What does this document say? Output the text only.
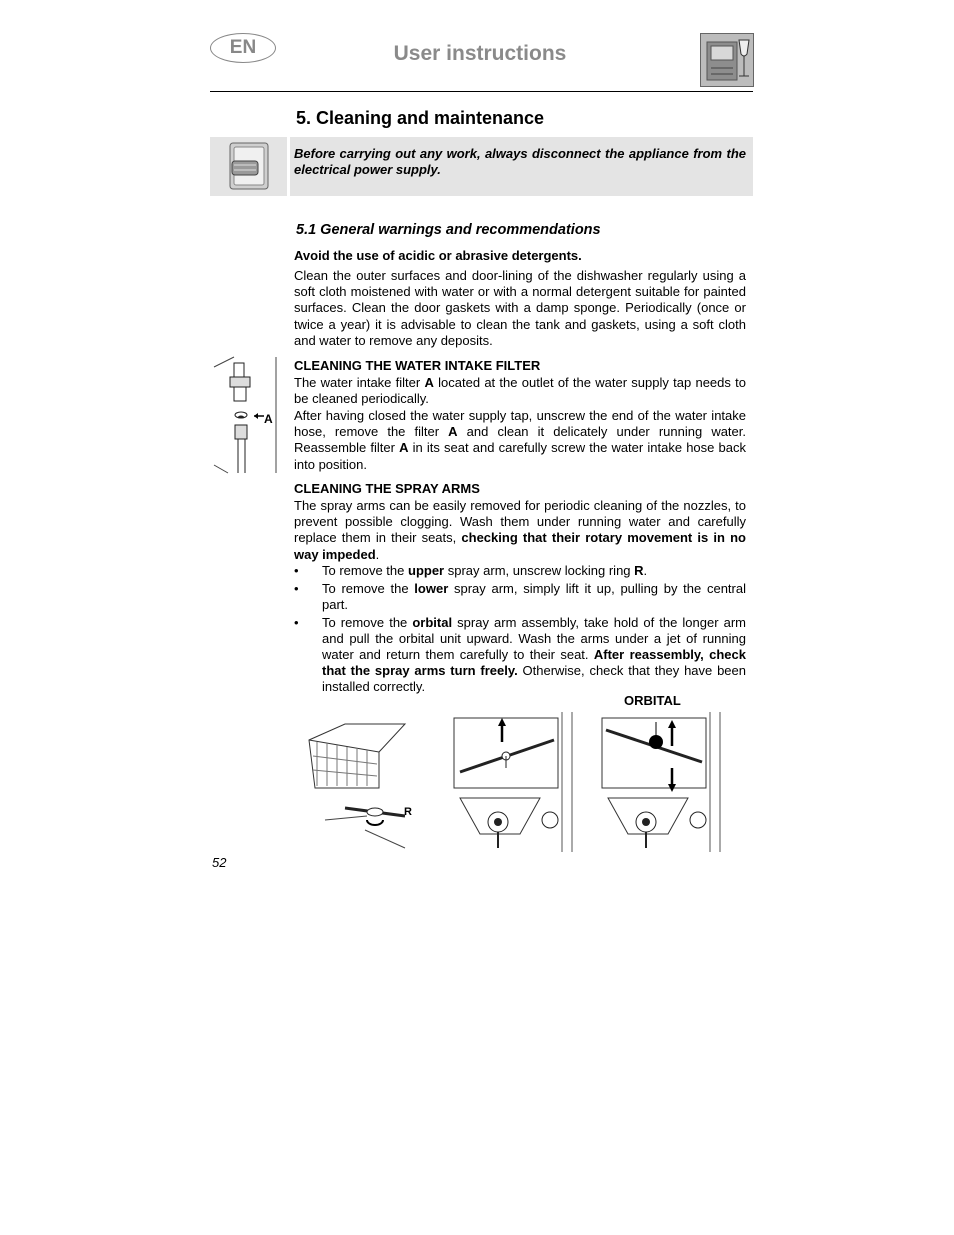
EN	User instructions
5. Cleaning and maintenance
Before carrying out any work, always disconnect the appliance from the electrical power supply.
5.1 General warnings and recommendations
Avoid the use of acidic or abrasive detergents.
Clean the outer surfaces and door-lining of the dishwasher regularly using a soft cloth moistened with water or with a normal detergent suitable for painted surfaces. Clean the door gaskets with a damp sponge. Periodically (once or twice a year) it is advisable to clean the tank and gaskets, using a soft cloth and water to remove any deposits.
A
CLEANING THE WATER INTAKE FILTER
The water intake filter A located at the outlet of the water supply tap needs to be cleaned periodically.
After having closed the water supply tap, unscrew the end of the water intake hose, remove the filter A and clean it delicately under running water. Reassemble filter A in its seat and carefully screw the water intake hose back into position.
CLEANING THE SPRAY ARMS
The spray arms can be easily removed for periodic cleaning of the nozzles, to prevent possible clogging. Wash them under running water and carefully replace them in their seats, checking that their rotary movement is in no way impeded.
•	To remove the upper spray arm, unscrew locking ring R.
•	To remove the lower spray arm, simply lift it up, pulling by the central part.
•	To remove the orbital spray arm assembly, take hold of the longer arm and pull the orbital unit upward. Wash the arms under a jet of running water and return them carefully to their seat. After reassembly, check that the spray arms turn freely. Otherwise, check that they have been installed correctly.
R
ORBITAL
52
